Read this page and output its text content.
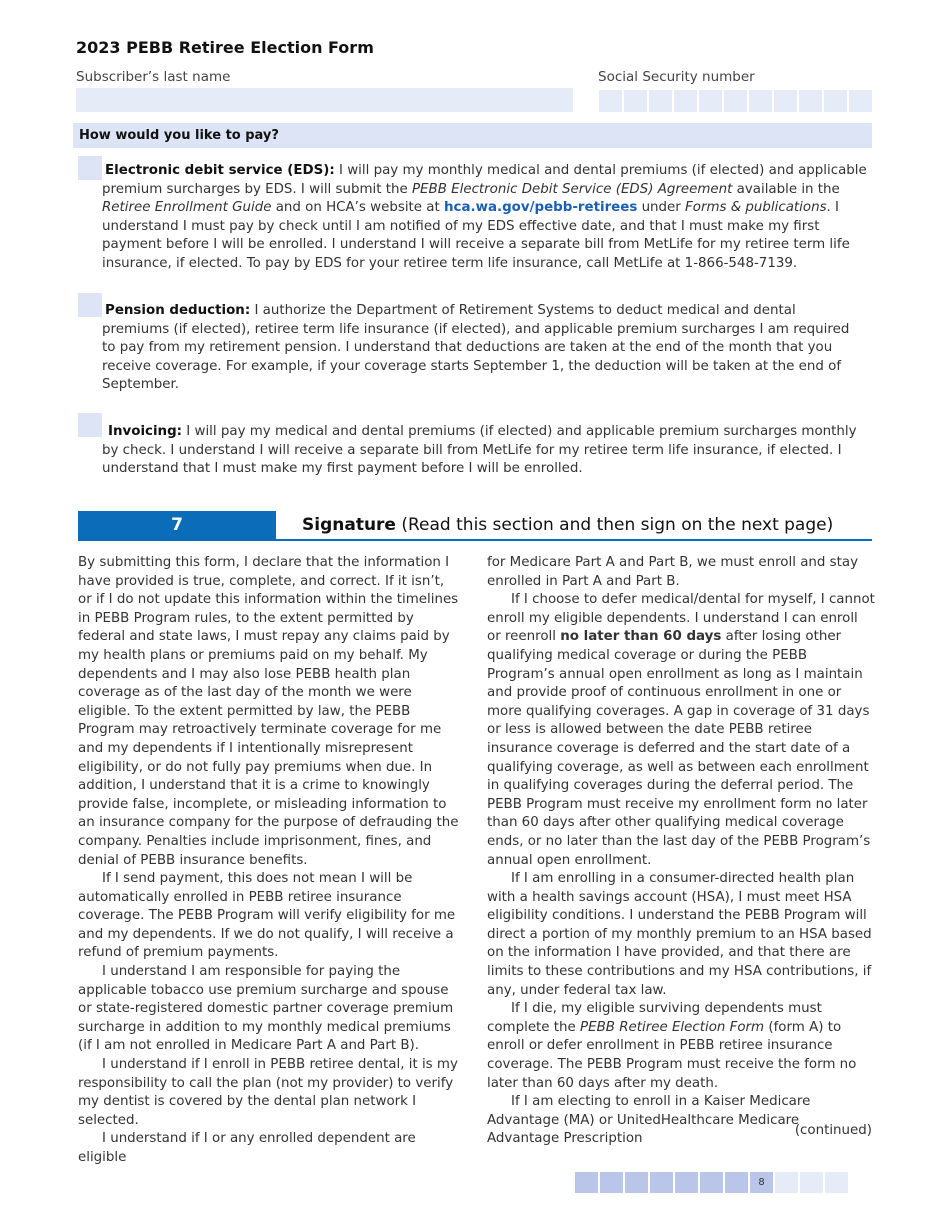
2023 PEBB Retiree Election Form
Subscriber’s last name	Social Security number
How would you like to pay?
Electronic debit service (EDS): I will pay my monthly medical and dental premiums (if elected) and applicable premium surcharges by EDS. I will submit the PEBB Electronic Debit Service (EDS) Agreement available in the Retiree Enrollment Guide and on HCA’s website at hca.wa.gov/pebb-retirees under Forms & publications. I understand I must pay by check until I am notified of my EDS effective date, and that I must make my first payment before I will be enrolled. I understand I will receive a separate bill from MetLife for my retiree term life insurance, if elected. To pay by EDS for your retiree term life insurance, call MetLife at 1-866-548-7139.
Pension deduction: I authorize the Department of Retirement Systems to deduct medical and dental premiums (if elected), retiree term life insurance (if elected), and applicable premium surcharges I am required to pay from my retirement pension. I understand that deductions are taken at the end of the month that you receive coverage. For example, if your coverage starts September 1, the deduction will be taken at the end of September.
Invoicing: I will pay my medical and dental premiums (if elected) and applicable premium surcharges monthly by check. I understand I will receive a separate bill from MetLife for my retiree term life insurance, if elected. I understand that I must make my first payment before I will be enrolled.
7	Signature (Read this section and then sign on the next page)

By submitting this form, I declare that the information I have provided is true, complete, and correct. If it isn’t, or if I do not update this information within the timelines in PEBB Program rules, to the extent permitted by federal and state laws, I must repay any claims paid by my health plans or premiums paid on my behalf. My dependents and I may also lose PEBB health plan coverage as of the last day of the month we were eligible. To the extent permitted by law, the PEBB Program may retroactively terminate coverage for me and my dependents if I intentionally misrepresent eligibility, or do not fully pay premiums when due. In addition, I understand that it is a crime to knowingly provide false, incomplete, or misleading information to an insurance company for the purpose of defrauding the company. Penalties include imprisonment, fines, and denial of PEBB insurance benefits.

If I send payment, this does not mean I will be automatically enrolled in PEBB retiree insurance coverage. The PEBB Program will verify eligibility for me and my dependents. If we do not qualify, I will receive a refund of premium payments.

I understand I am responsible for paying the applicable tobacco use premium surcharge and spouse or state-registered domestic partner coverage premium surcharge in addition to my monthly medical premiums (if I am not enrolled in Medicare Part A and Part B).

I understand if I enroll in PEBB retiree dental, it is my responsibility to call the plan (not my provider) to verify my dentist is covered by the dental plan network I selected.

I understand if I or any enrolled dependent are eligible

for Medicare Part A and Part B, we must enroll and stay enrolled in Part A and Part B.

If I choose to defer medical/dental for myself, I cannot enroll my eligible dependents. I understand I can enroll or reenroll no later than 60 days after losing other qualifying medical coverage or during the PEBB Program’s annual open enrollment as long as I maintain and provide proof of continuous enrollment in one or more qualifying coverages. A gap in coverage of 31 days or less is allowed between the date PEBB retiree insurance coverage is deferred and the start date of a qualifying coverage, as well as between each enrollment in qualifying coverages during the deferral period. The PEBB Program must receive my enrollment form no later than 60 days after other qualifying medical coverage ends, or no later than the last day of the PEBB Program’s annual open enrollment.

If I am enrolling in a consumer-directed health plan with a health savings account (HSA), I must meet HSA eligibility conditions. I understand the PEBB Program will direct a portion of my monthly premium to an HSA based on the information I have provided, and that there are limits to these contributions and my HSA contributions, if any, under federal tax law.

If I die, my eligible surviving dependents must complete the PEBB Retiree Election Form (form A) to enroll or defer enrollment in PEBB retiree insurance coverage. The PEBB Program must receive the form no later than 60 days after my death.

If I am electing to enroll in a Kaiser Medicare Advantage (MA) or UnitedHealthcare Medicare Advantage Prescription

(continued)
8
